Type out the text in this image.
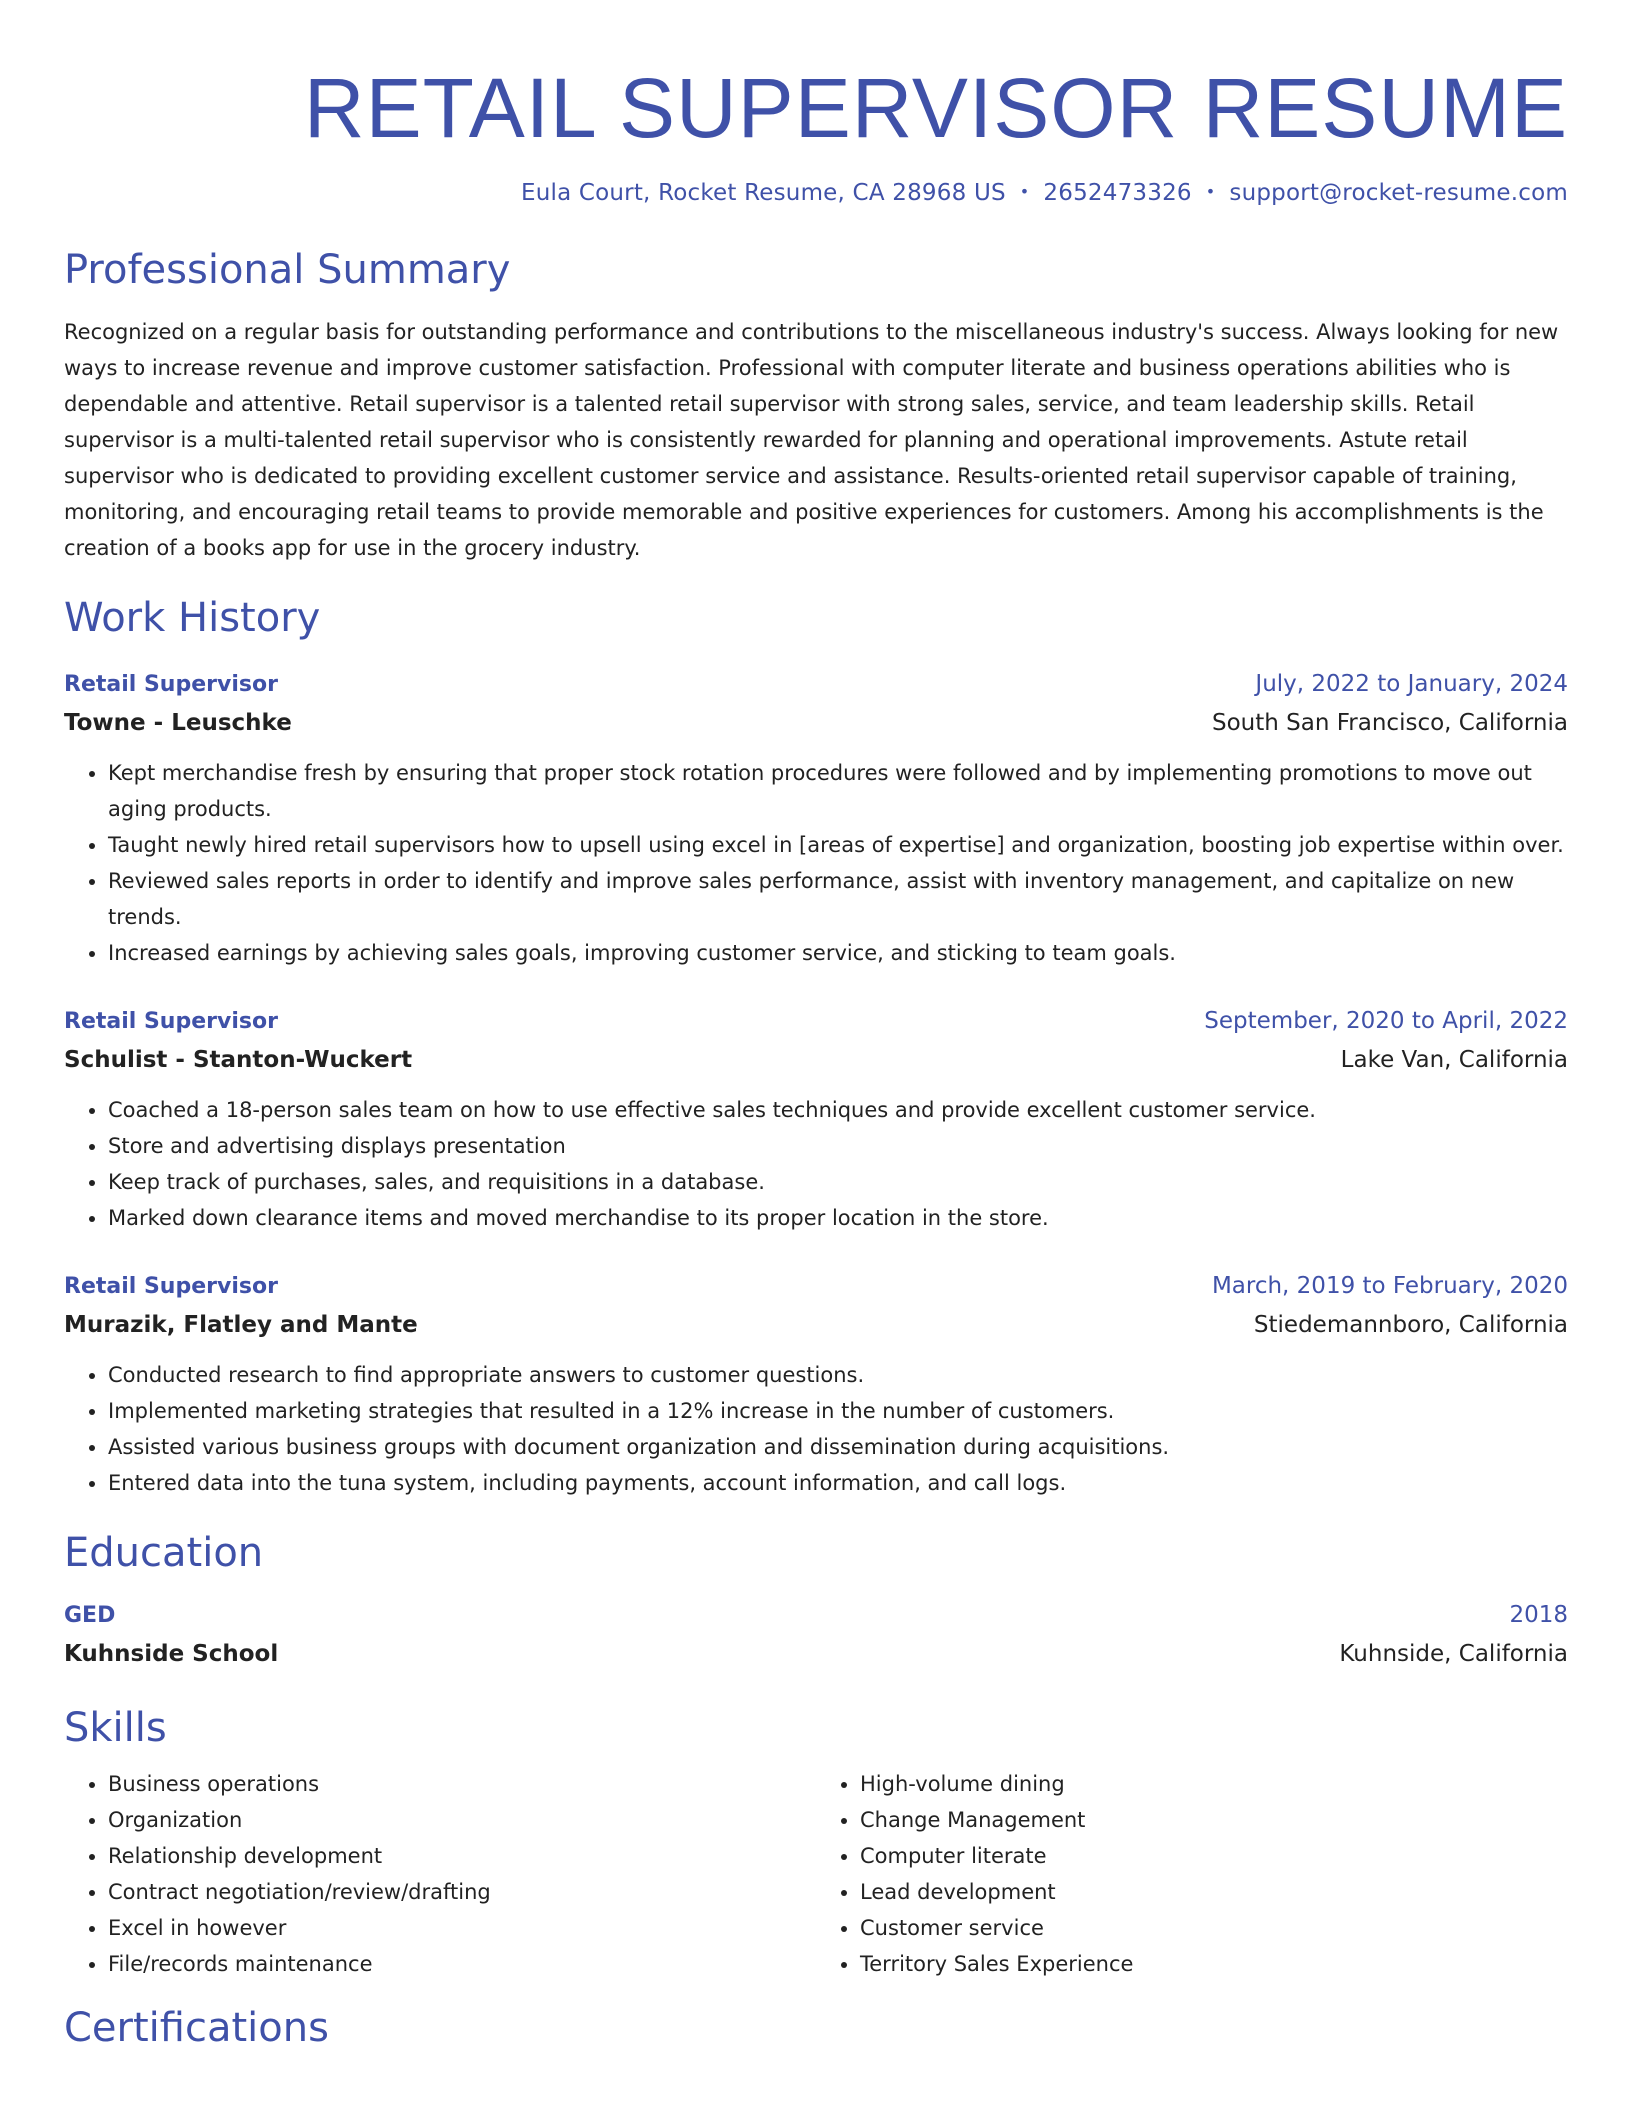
RETAIL SUPERVISOR RESUME
Eula Court, Rocket Resume, CA 28968 US • 2652473326 • support@rocket-resume.com
Professional Summary

Recognized on a regular basis for outstanding performance and contributions to the miscellaneous industry's success. Always looking for new ways to increase revenue and improve customer satisfaction. Professional with computer literate and business operations abilities who is dependable and attentive. Retail supervisor is a talented retail supervisor with strong sales, service, and team leadership skills. Retail supervisor is a multi-talented retail supervisor who is consistently rewarded for planning and operational improvements. Astute retail supervisor who is dedicated to providing excellent customer service and assistance. Results-oriented retail supervisor capable of training, monitoring, and encouraging retail teams to provide memorable and positive experiences for customers. Among his accomplishments is the creation of a books app for use in the grocery industry.

Work History
Retail Supervisor	July, 2022 to January, 2024
Towne - Leuschke	South San Francisco, California
• Kept merchandise fresh by ensuring that proper stock rotation procedures were followed and by implementing promotions to move out aging products.
• Taught newly hired retail supervisors how to upsell using excel in [areas of expertise] and organization, boosting job expertise within over.
• Reviewed sales reports in order to identify and improve sales performance, assist with inventory management, and capitalize on new trends.
• Increased earnings by achieving sales goals, improving customer service, and sticking to team goals.
Retail Supervisor	September, 2020 to April, 2022
Schulist - Stanton-Wuckert	Lake Van, California
• Coached a 18-person sales team on how to use effective sales techniques and provide excellent customer service.
• Store and advertising displays presentation
• Keep track of purchases, sales, and requisitions in a database.
• Marked down clearance items and moved merchandise to its proper location in the store.
Retail Supervisor	March, 2019 to February, 2020
Murazik, Flatley and Mante	Stiedemannboro, California
• Conducted research to find appropriate answers to customer questions.
• Implemented marketing strategies that resulted in a 12% increase in the number of customers.
• Assisted various business groups with document organization and dissemination during acquisitions.
• Entered data into the tuna system, including payments, account information, and call logs.
Education
GED	2018
Kuhnside School	Kuhnside, California
Skills
• Business operations
• Organization
• Relationship development
• Contract negotiation/review/drafting
• Excel in however
• File/records maintenance
• High-volume dining
• Change Management
• Computer literate
• Lead development
• Customer service
• Territory Sales Experience
Certifications
